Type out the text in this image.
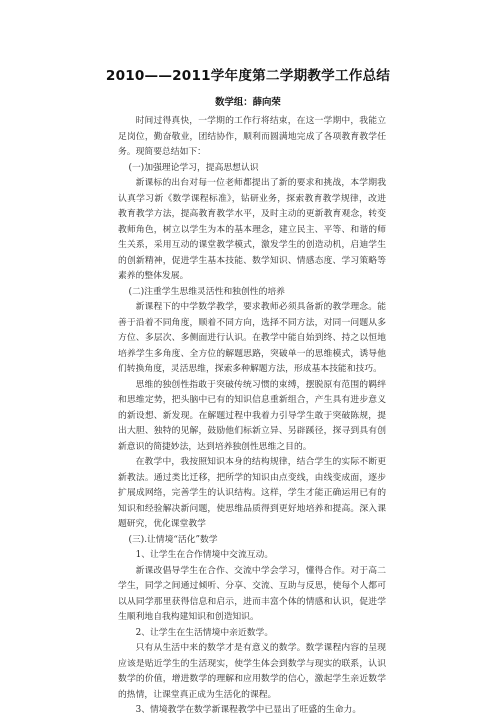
2010——2011学年度第二学期教学工作总结
数学组：薛向荣

时间过得真快，一学期的工作行将结束，在这一学期中，我能立足岗位，勤奋敬业，团结协作，顺利而圆满地完成了各项教育教学任务。现简要总结如下：

(一)加强理论学习，提高思想认识

新课标的出台对每一位老师都提出了新的要求和挑战，本学期我认真学习新《数学课程标准》，钻研业务，探索教育教学规律，改进教育教学方法，提高教育教学水平，及时主动的更新教育观念，转变教师角色，树立以学生为本的基本理念，建立民主、平等、和谐的师生关系，采用互动的课堂教学模式，激发学生的创造动机，启迪学生的创新精神，促进学生基本技能、数学知识、情感态度、学习策略等素养的整体发展。

(二)注重学生思维灵活性和独创性的培养

新课程下的中学数学教学，要求教师必须具备新的教学理念。能善于沿着不同角度，顺着不同方向，选择不同方法，对同一问题从多方位、多层次、多侧面进行认识。在教学中能自始到终、持之以恒地培养学生多角度、全方位的解题思路，突破单一的思维模式，诱导他们转换角度，灵活思维，探索多种解题方法，形成基本技能和技巧。

思维的独创性指敢于突破传统习惯的束缚，摆脱原有范围的羁绊和思维定势，把头脑中已有的知识信息重新组合，产生具有进步意义的新设想、新发现。在解题过程中我着力引导学生敢于突破陈规，提出大胆、独特的见解，鼓励他们标新立异、另辟蹊径，探寻到具有创新意识的简捷妙法，达到培养独创性思维之目的。

在教学中，我按照知识本身的结构规律，结合学生的实际不断更新教法。通过类比迁移，把所学的知识由点变线，由线变成面，逐步扩展成网络，完善学生的认识结构。这样，学生才能正确运用已有的知识和经验解决新问题，使思维品质得到更好地培养和提高。深入课题研究，优化课堂教学

(三).让情境“活化”数学

1、让学生在合作情境中交流互动。

新课改倡导学生在合作、交流中学会学习，懂得合作。对于高二学生，同学之间通过倾听、分享、交流、互助与反思，使每个人都可以从同学那里获得信息和启示，进而丰富个体的情感和认识，促进学生顺利地自我构建知识和创造知识。

2、让学生在生活情境中亲近数学。

只有从生活中来的数学才是有意义的数学。数学课程内容的呈现应该是贴近学生的生活现实，使学生体会到数学与现实的联系，认识数学的价值，增进数学的理解和应用数学的信心，激起学生亲近数学的热情，让课堂真正成为生活化的课程。

3、情境教学在数学新课程教学中已显出了旺盛的生命力。
